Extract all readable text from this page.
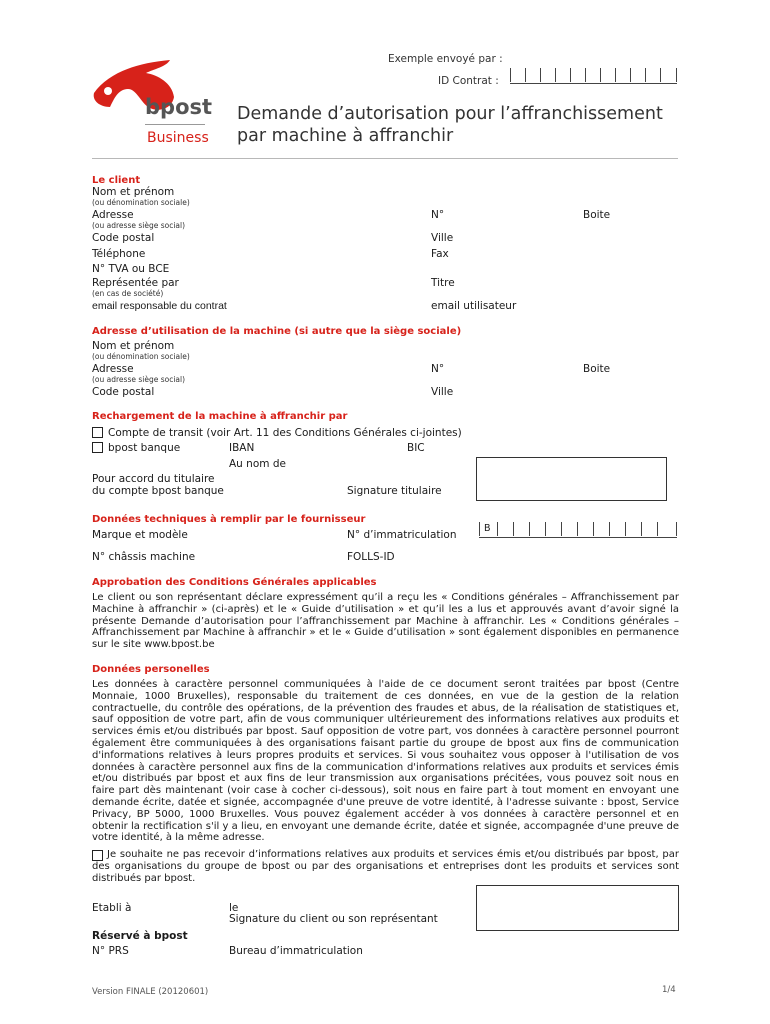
Exemple envoyé par :
ID Contrat :
bpost
Business
Demande d’autorisation pour l’affranchissement
par machine à affranchir
Le client
Nom et prénom
(ou dénomination sociale)
Adresse	N°	Boite
(ou adresse siège social)
Code postal	Ville
Téléphone	Fax
N° TVA ou BCE
Représentée par	Titre
(en cas de société)
email responsable du contrat	email utilisateur
Adresse d’utilisation de la machine (si autre que la siège sociale)
Nom et prénom
(ou dénomination sociale)
Adresse	N°	Boite
(ou adresse siège social)
Code postal	Ville
Rechargement de la machine à affranchir par
Compte de transit (voir Art. 11 des Conditions Générales ci-jointes)
bpost banque	IBAN	BIC
Au nom de
Pour accord du titulaire
du compte bpost banque	Signature titulaire
Données techniques à remplir par le fournisseur
Marque et modèle	N° d’immatriculation
B
N° châssis machine	FOLLS-ID
Approbation des Conditions Générales applicables
Le client ou son représentant déclare expressément qu’il a reçu les « Conditions générales – Affranchissement par Machine à affranchir » (ci-après) et le « Guide d’utilisation » et qu’il les a lus et approuvés avant d’avoir signé la présente Demande d’autorisation pour l’affranchissement par Machine à affranchir. Les « Conditions générales – Affranchissement par Machine à affranchir » et le « Guide d’utilisation » sont également disponibles en permanence sur le site www.bpost.be
Données personelles
Les données à caractère personnel communiquées à l'aide de ce document seront traitées par bpost (Centre Monnaie, 1000 Bruxelles), responsable du traitement de ces données, en vue de la gestion de la relation contractuelle, du contrôle des opérations, de la prévention des fraudes et abus, de la réalisation de statistiques et, sauf opposition de votre part, afin de vous communiquer ultérieurement des informations relatives aux produits et services émis et/ou distribués par bpost. Sauf opposition de votre part, vos données à caractère personnel pourront également être communiquées à des organisations faisant partie du groupe de bpost aux fins de communication d'informations relatives à leurs propres produits et services. Si vous souhaitez vous opposer à l'utilisation de vos données à caractère personnel aux fins de la communication d'informations relatives aux produits et services émis et/ou distribués par bpost et aux fins de leur transmission aux organisations précitées, vous pouvez soit nous en faire part dès maintenant (voir case à cocher ci-dessous), soit nous en faire part à tout moment en envoyant une demande écrite, datée et signée, accompagnée d'une preuve de votre identité, à l'adresse suivante : bpost, Service Privacy, BP 5000, 1000 Bruxelles. Vous pouvez également accéder à vos données à caractère personnel et en obtenir la rectification s'il y a lieu, en envoyant une demande écrite, datée et signée, accompagnée d'une preuve de votre identité, à la même adresse.
Je souhaite ne pas recevoir d’informations relatives aux produits et services émis et/ou distribués par bpost, par des organisations du groupe de bpost ou par des organisations et entreprises dont les produits et services sont distribués par bpost.
Etabli à	le
Signature du client ou son représentant
Réservé à bpost
N° PRS	Bureau d’immatriculation
Version FINALE (20120601)	1/4
